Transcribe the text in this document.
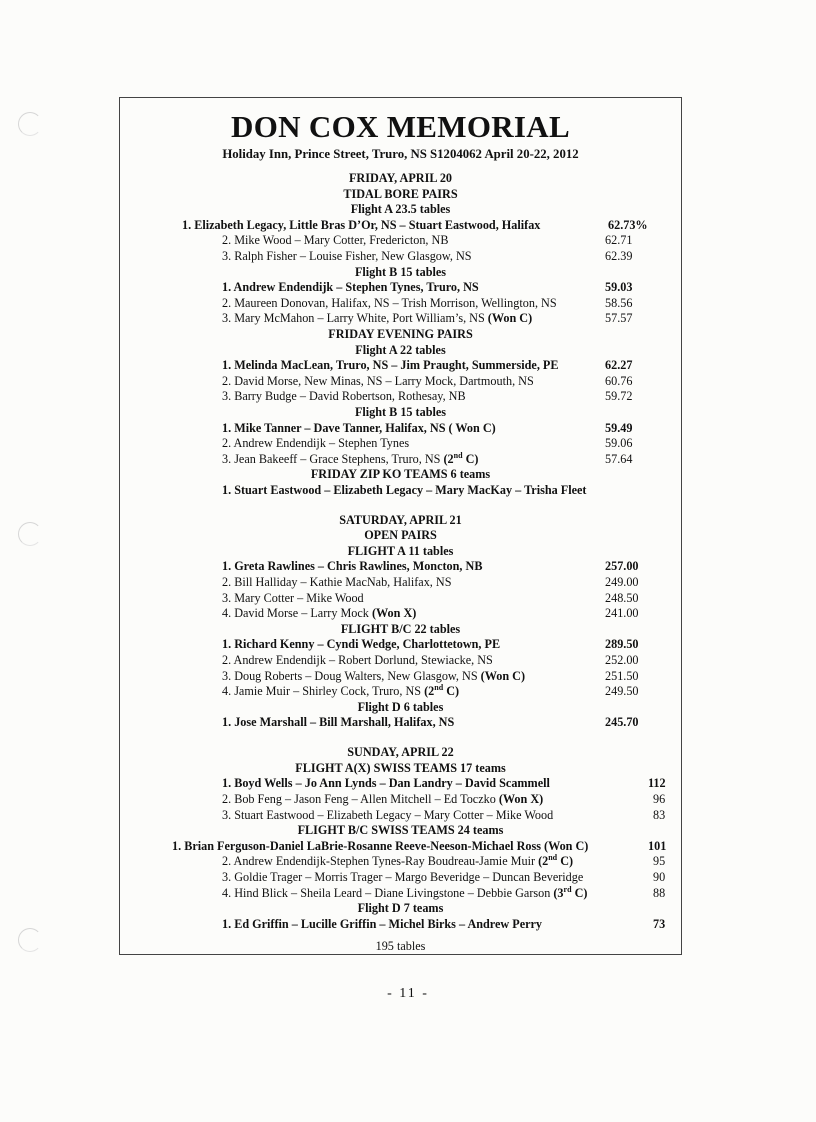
DON COX MEMORIAL
Holiday Inn, Prince Street, Truro, NS S1204062 April 20-22, 2012
FRIDAY, APRIL 20
TIDAL BORE PAIRS
Flight A 23.5 tables
1. Elizabeth Legacy, Little Bras D’Or, NS – Stuart Eastwood, Halifax	62.73%
2. Mike Wood – Mary Cotter, Fredericton, NB	62.71
3. Ralph Fisher – Louise Fisher, New Glasgow, NS	62.39
Flight B 15 tables
1. Andrew Endendijk – Stephen Tynes, Truro, NS	59.03
2. Maureen Donovan, Halifax, NS – Trish Morrison, Wellington, NS	58.56
3. Mary McMahon – Larry White, Port William’s, NS (Won C)	57.57
FRIDAY EVENING PAIRS
Flight A 22 tables
1. Melinda MacLean, Truro, NS – Jim Praught, Summerside, PE	62.27
2. David Morse, New Minas, NS – Larry Mock, Dartmouth, NS	60.76
3. Barry Budge – David Robertson, Rothesay, NB	59.72
Flight B 15 tables
1. Mike Tanner – Dave Tanner, Halifax, NS ( Won C)	59.49
2. Andrew Endendijk – Stephen Tynes	59.06
3. Jean Bakeeff – Grace Stephens, Truro, NS (2nd C)	57.64
FRIDAY ZIP KO TEAMS 6 teams
1. Stuart Eastwood – Elizabeth Legacy – Mary MacKay – Trisha Fleet
SATURDAY, APRIL 21
OPEN PAIRS
FLIGHT A 11 tables
1. Greta Rawlines – Chris Rawlines, Moncton, NB	257.00
2. Bill Halliday – Kathie MacNab, Halifax, NS	249.00
3. Mary Cotter – Mike Wood	248.50
4. David Morse – Larry Mock (Won X)	241.00
FLIGHT B/C 22 tables
1. Richard Kenny – Cyndi Wedge, Charlottetown, PE	289.50
2. Andrew Endendijk – Robert Dorlund, Stewiacke, NS	252.00
3. Doug Roberts – Doug Walters, New Glasgow, NS (Won C)	251.50
4. Jamie Muir – Shirley Cock, Truro, NS (2nd C)	249.50
Flight D 6 tables
1. Jose Marshall – Bill Marshall, Halifax, NS	245.70
SUNDAY, APRIL 22
FLIGHT A(X) SWISS TEAMS 17 teams
1. Boyd Wells – Jo Ann Lynds – Dan Landry – David Scammell	112
2. Bob Feng – Jason Feng – Allen Mitchell – Ed Toczko (Won X)	96
3. Stuart Eastwood – Elizabeth Legacy – Mary Cotter – Mike Wood	83
FLIGHT B/C SWISS TEAMS 24 teams
1. Brian Ferguson-Daniel LaBrie-Rosanne Reeve-Neeson-Michael Ross (Won C)	101
2. Andrew Endendijk-Stephen Tynes-Ray Boudreau-Jamie Muir (2nd C)	95
3. Goldie Trager – Morris Trager – Margo Beveridge – Duncan Beveridge	90
4. Hind Blick – Sheila Leard – Diane Livingstone – Debbie Garson (3rd C)	88
Flight D 7 teams
1. Ed Griffin – Lucille Griffin – Michel Birks – Andrew Perry	73
195 tables
- 11 -
